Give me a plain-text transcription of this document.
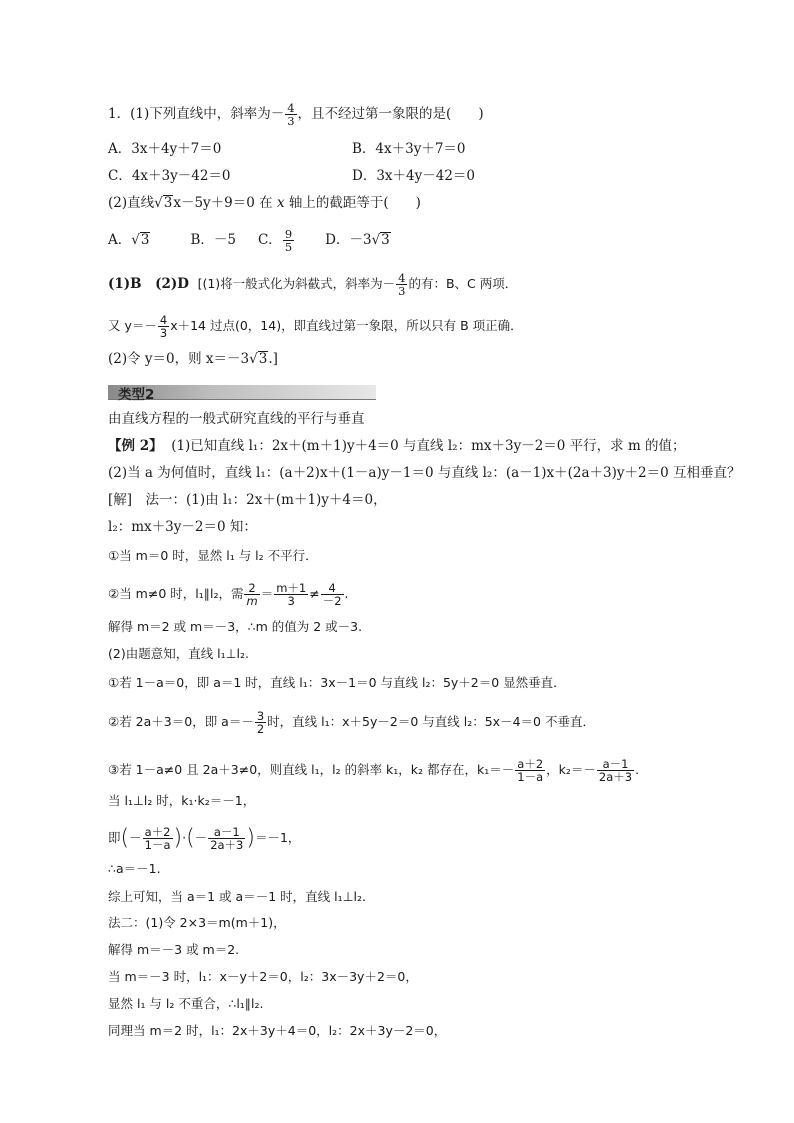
1．(1)下列直线中，斜率为－ $\frac{4}{3}$ ，且不经过第一象限的是(　　)
A．3x＋4y＋7＝0	B．4x＋3y＋7＝0
C．4x＋3y－42＝0	D．3x＋4y－42＝0
(2)直线√3x－5y＋9＝0 在 x 轴上的截距等于(　　)
A．√3	B．－5 C． $\frac{9}{5}$ D．－3√3
(1)B　(2)D [(1)将一般式化为斜截式，斜率为－ $\frac{4}{3}$ 的有：B、C 两项．
又 $y=- \frac{4}{3} x+14$ 过点(0，14)，即直线过第一象限，所以只有 B 项正确．
(2)令 y＝0，则 x＝－3√3.]
类型2
由直线方程的一般式研究直线的平行与垂直
【例 2】 (1)已知直线 l₁：2x＋(m＋1)y＋4＝0 与直线 l₂：mx＋3y－2＝0 平行，求 m 的值；
(2)当 a 为何值时，直线 l₁：(a＋2)x＋(1－a)y－1＝0 与直线 l₂：(a－1)x＋(2a＋3)y＋2＝0 互相垂直？
[解]　法一：(1)由 l₁：2x＋(m＋1)y＋4＝0，
l₂：mx＋3y－2＝0 知：
①当 m＝0 时，显然 l₁ 与 l₂ 不平行．
②当 m≠0 时，l₁∥l₂，需 $\frac{2}{m} = \frac{m+1}{3} \ne \frac{4}{-2}$ .
解得 m＝2 或 m＝－3，∴m 的值为 2 或－3.
(2)由题意知，直线 l₁⊥l₂.
①若 1－a＝0，即 a＝1 时，直线 l₁：3x－1＝0 与直线 l₂：5y＋2＝0 显然垂直．
②若 2a＋3＝0，即 $a=- \frac{3}{2}$ 时，直线 l₁：x＋5y－2＝0 与直线 l₂：5x－4＝0 不垂直．
③若 1－a≠0 且 2a＋3≠0，则直线 l₁，l₂ 的斜率 k₁，k₂ 都存在，$k_1=- \frac{a+2}{1-a}$ ，$k_2=- \frac{a-1}{2a+3}$ .
当 l₁⊥l₂ 时，k₁·k₂＝－1，
即(－ $\frac{a+2}{1-a}$ )·(－ $\frac{a-1}{2a+3} )=-1$，
∴a＝－1.
综上可知，当 a＝1 或 a＝－1 时，直线 l₁⊥l₂.
法二：(1)令 2×3＝m(m＋1)，
解得 m＝－3 或 m＝2.
当 m＝－3 时，l₁：x－y＋2＝0，l₂：3x－3y＋2＝0，
显然 l₁ 与 l₂ 不重合，∴l₁∥l₂.
同理当 m＝2 时，l₁：2x＋3y＋4＝0，l₂：2x＋3y－2＝0，
